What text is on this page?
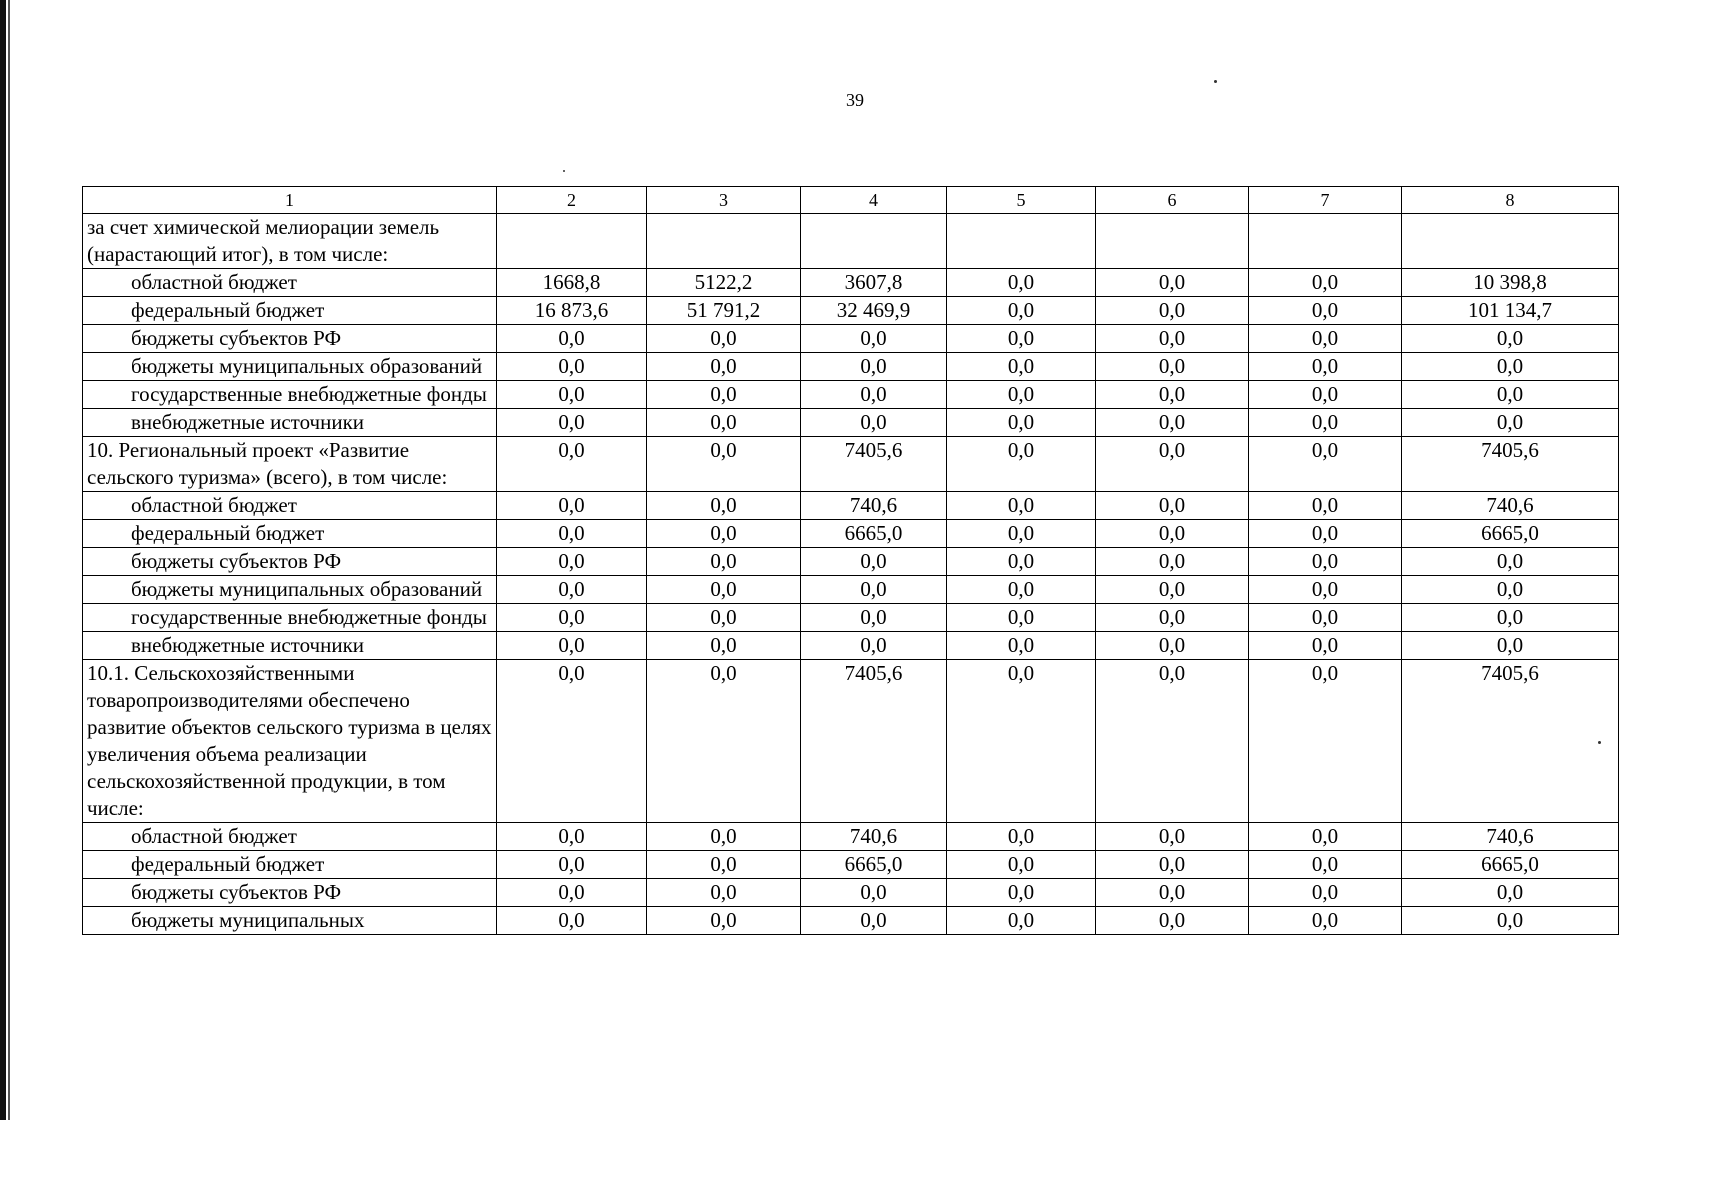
39
1	2	3	4	5	6	7	8
за счет химической мелиорации земель (нарастающий итог), в том числе:							
областной бюджет	1668,8	5122,2	3607,8	0,0	0,0	0,0	10 398,8
федеральный бюджет	16 873,6	51 791,2	32 469,9	0,0	0,0	0,0	101 134,7
бюджеты субъектов РФ	0,0	0,0	0,0	0,0	0,0	0,0	0,0
бюджеты муниципальных образований	0,0	0,0	0,0	0,0	0,0	0,0	0,0
государственные внебюджетные фонды	0,0	0,0	0,0	0,0	0,0	0,0	0,0
внебюджетные источники	0,0	0,0	0,0	0,0	0,0	0,0	0,0
10. Региональный проект «Развитие сельского туризма» (всего), в том числе:	0,0	0,0	7405,6	0,0	0,0	0,0	7405,6
областной бюджет	0,0	0,0	740,6	0,0	0,0	0,0	740,6
федеральный бюджет	0,0	0,0	6665,0	0,0	0,0	0,0	6665,0
бюджеты субъектов РФ	0,0	0,0	0,0	0,0	0,0	0,0	0,0
бюджеты муниципальных образований	0,0	0,0	0,0	0,0	0,0	0,0	0,0
государственные внебюджетные фонды	0,0	0,0	0,0	0,0	0,0	0,0	0,0
внебюджетные источники	0,0	0,0	0,0	0,0	0,0	0,0	0,0
10.1. Сельскохозяйственными товаропроизводителями обеспечено развитие объектов сельского туризма в целях увеличения объема реализации сельскохозяйственной продукции, в том числе:	0,0	0,0	7405,6	0,0	0,0	0,0	7405,6
областной бюджет	0,0	0,0	740,6	0,0	0,0	0,0	740,6
федеральный бюджет	0,0	0,0	6665,0	0,0	0,0	0,0	6665,0
бюджеты субъектов РФ	0,0	0,0	0,0	0,0	0,0	0,0	0,0
бюджеты муниципальных	0,0	0,0	0,0	0,0	0,0	0,0	0,0
